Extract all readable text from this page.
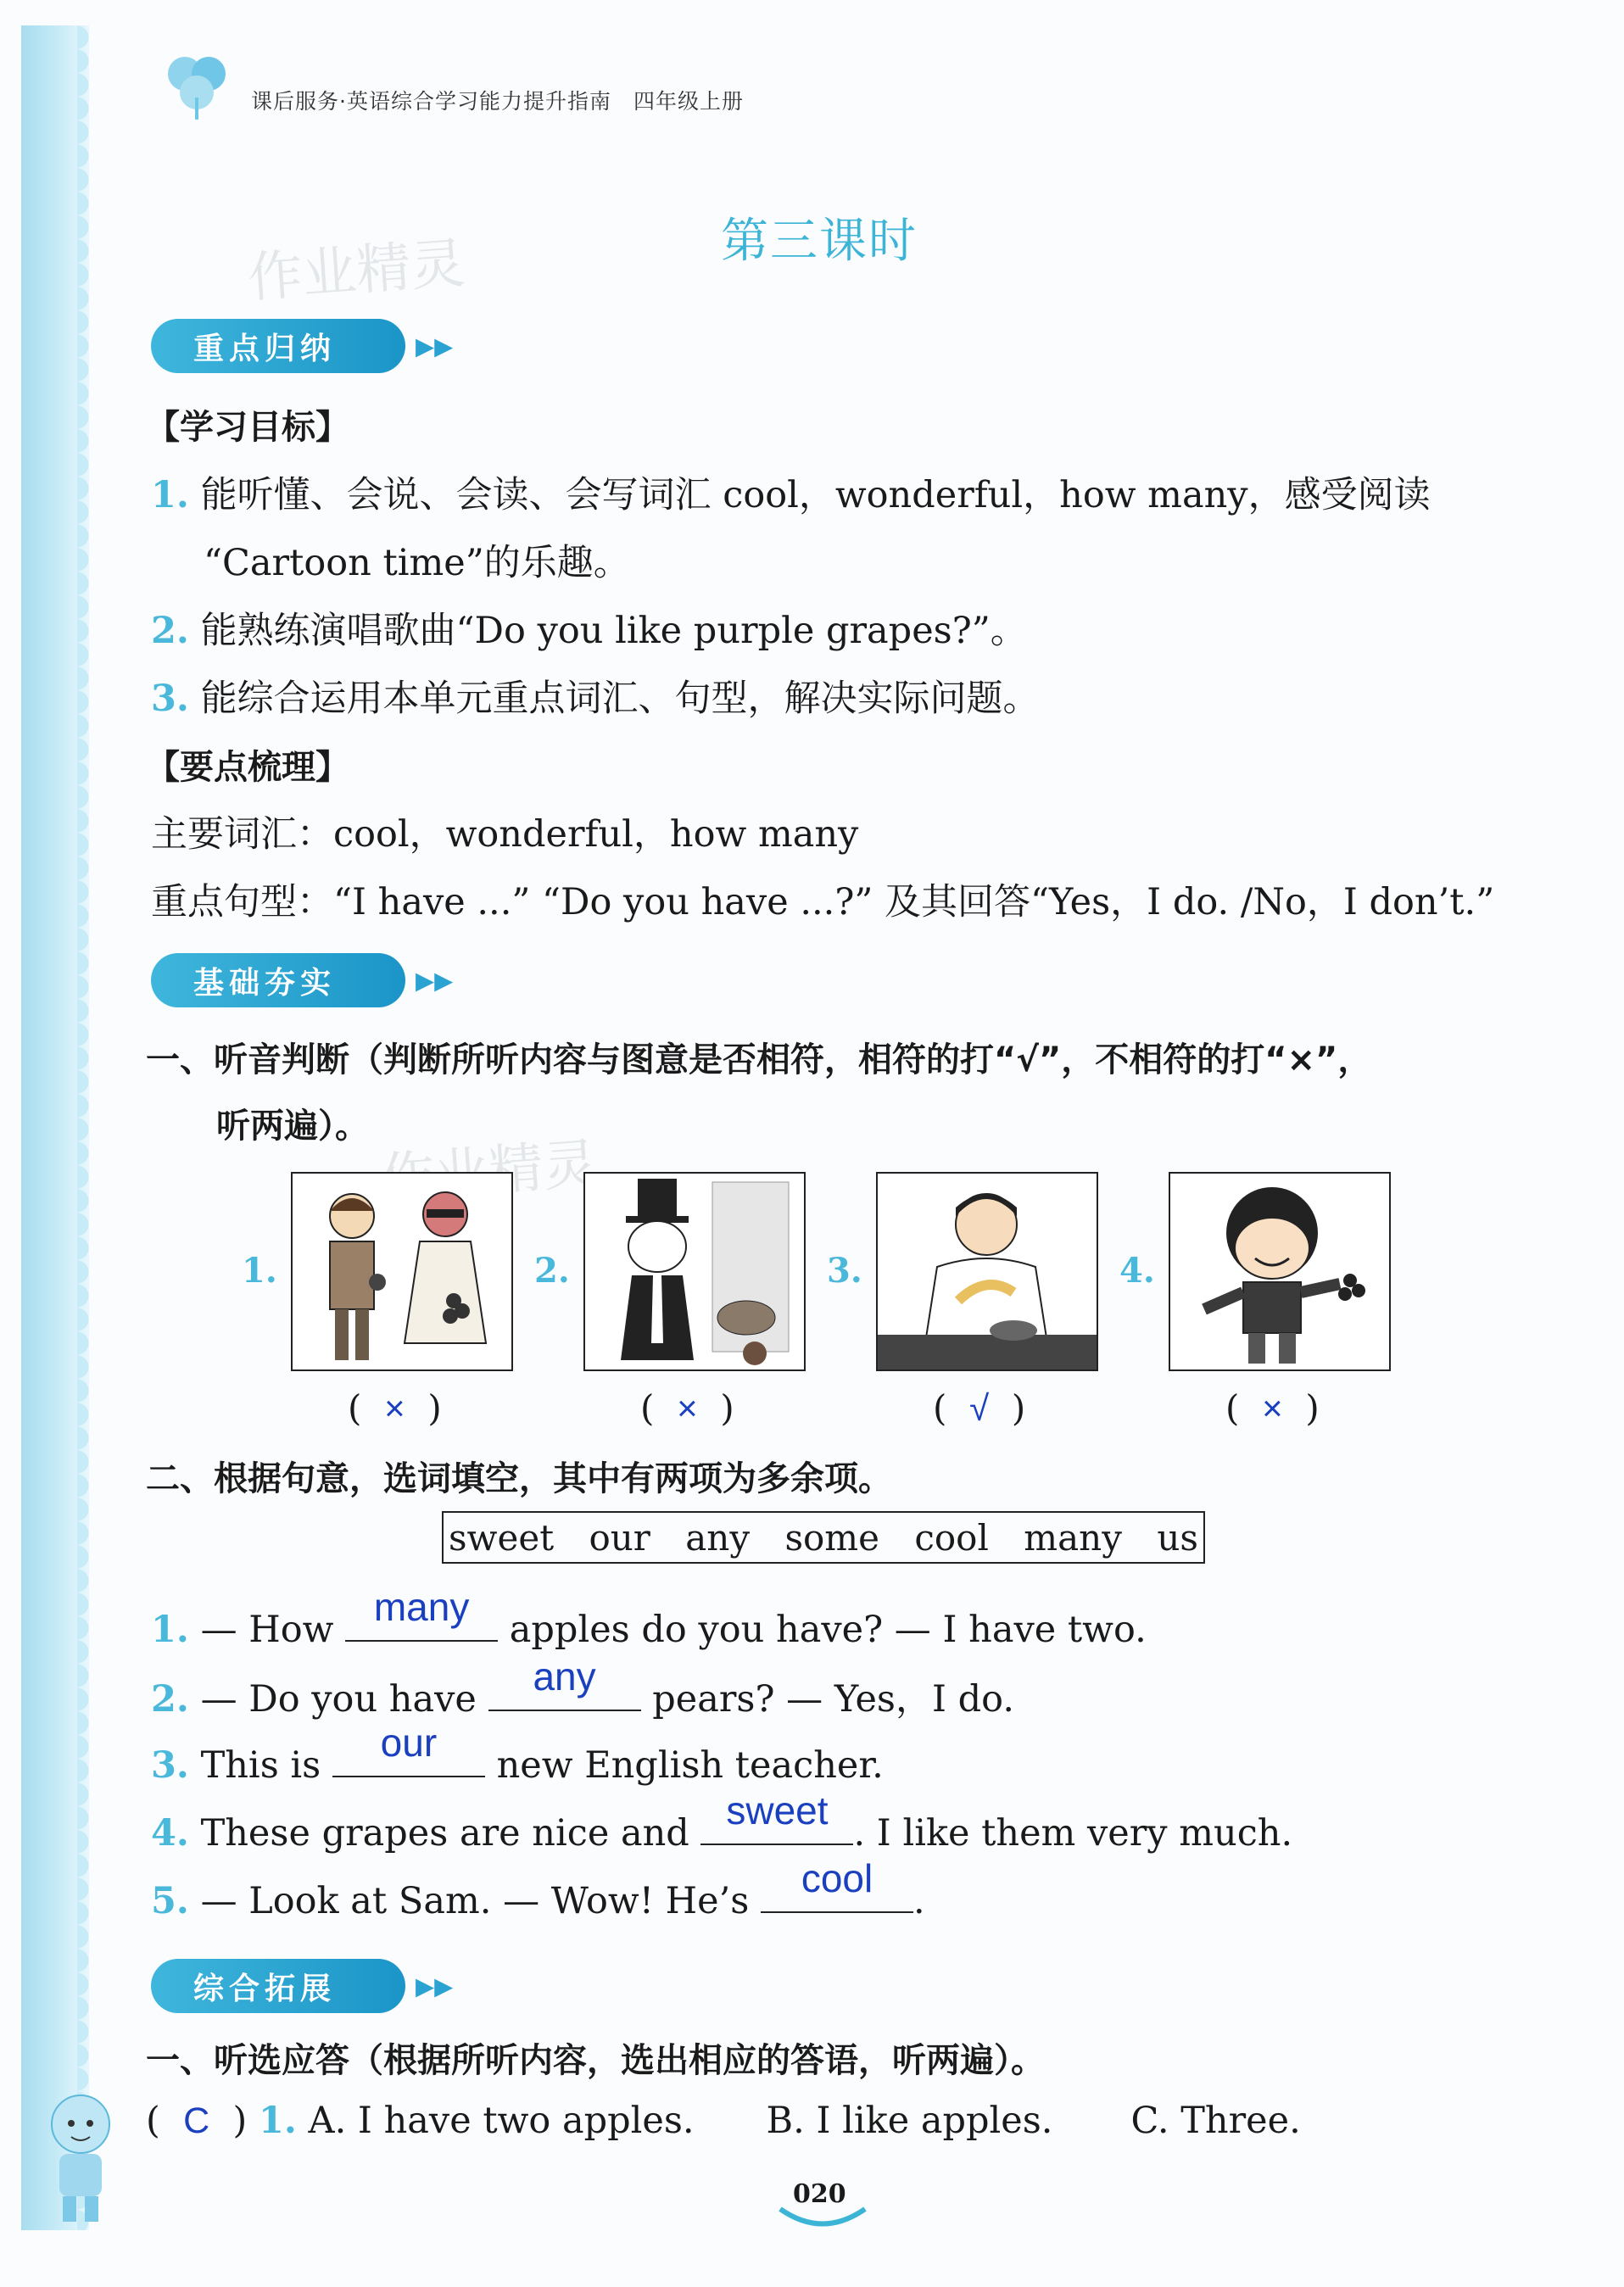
课后服务·英语综合学习能力提升指南　四年级上册
第三课时
作业精灵
重点归纳	▸▸
【学习目标】
1. 能听懂、会说、会读、会写词汇 cool，wonderful，how many，感受阅读
“Cartoon time”的乐趣。
2. 能熟练演唱歌曲“Do you like purple grapes?”。
3. 能综合运用本单元重点词汇、句型，解决实际问题。
【要点梳理】
主要词汇：cool，wonderful，how many
重点句型：“I have ...” “Do you have ...?” 及其回答“Yes，I do. /No，I don’t.”
基础夯实	▸▸
一、听音判断（判断所听内容与图意是否相符，相符的打“√”，不相符的打“×”，
听两遍）。
1.	2.	3.	4.
( × )	( × )	( √ )	( × )
二、根据句意，选词填空，其中有两项为多余项。
sweet our any some cool many us
1. — How
many
apples do you have? — I have two.
2. — Do you have
any
pears? — Yes，I do.
3. This is
our
new English teacher.
4. These grapes are nice and
sweet
. I like them very much.
5. — Look at Sam. — Wow! He’s
cool
.
综合拓展	▸▸
一、听选应答（根据所听内容，选出相应的答语，听两遍）。
( C ) 1. A. I have two apples. B. I like apples. C. Three.
020
